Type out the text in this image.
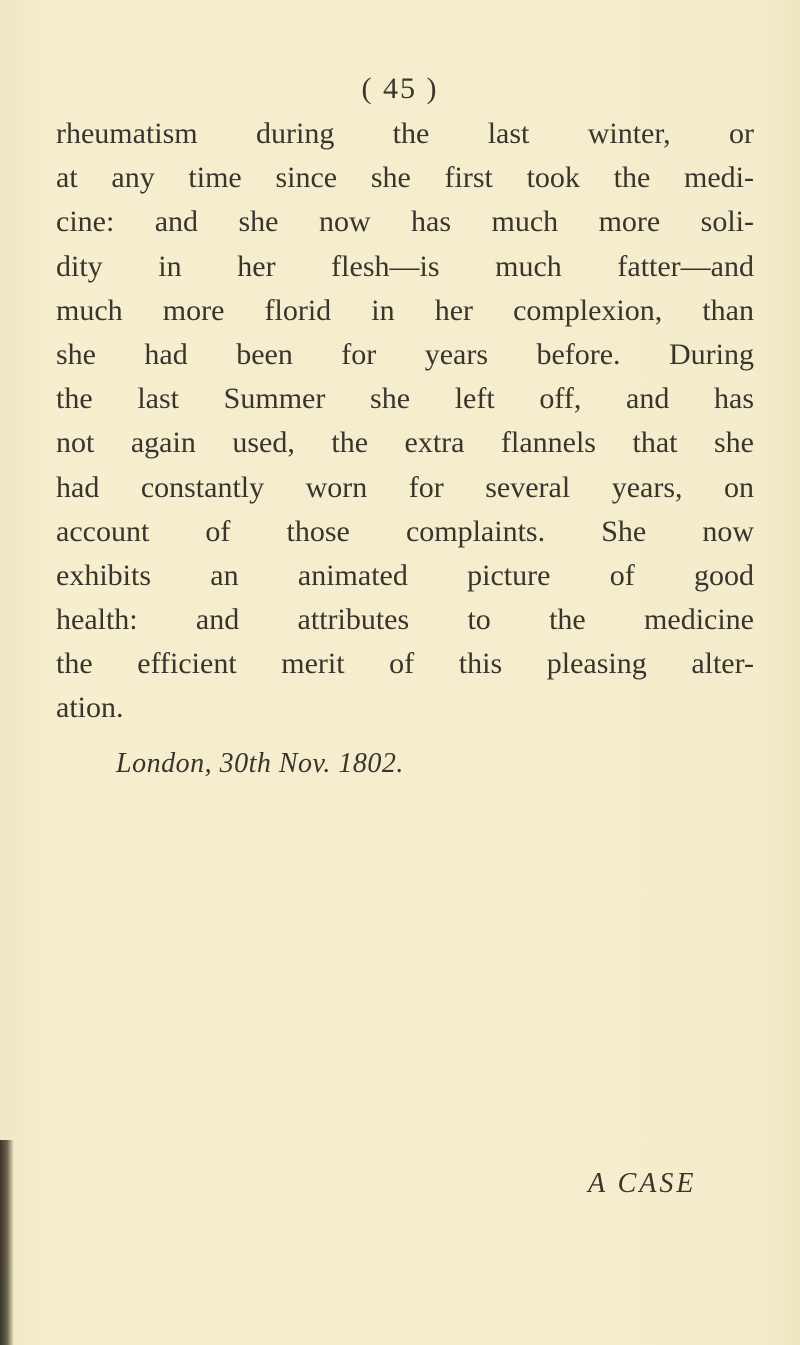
( 45 )
rheumatism during the last winter, or
at any time since she first took the medi-
cine: and she now has much more soli-
dity in her flesh—is much fatter—and
much more florid in her complexion, than
she had been for years before. During
the last Summer she left off, and has
not again used, the extra flannels that she
had constantly worn for several years, on
account of those complaints. She now
exhibits an animated picture of good
health: and attributes to the medicine
the efficient merit of this pleasing alter-
ation.
London, 30th Nov. 1802.
A CASE
